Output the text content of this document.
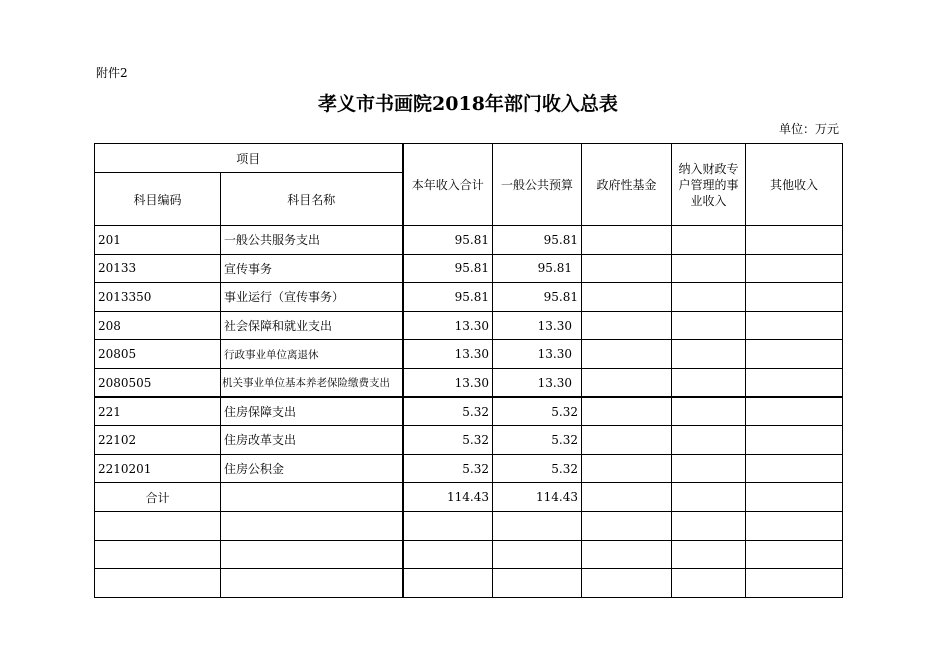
附件2
孝义市书画院2018年部门收入总表
单位：万元
项目		本年收入合计	一般公共预算	政府性基金	纳入财政专户管理的事业收入	其他收入
科目编码	科目名称					
201	一般公共服务支出	95.81	95.81			
20133	宣传事务	95.81	95.81			
2013350	事业运行（宣传事务）	95.81	95.81			
208	社会保障和就业支出	13.30	13.30			
20805	行政事业单位离退休	13.30	13.30			
2080505	机关事业单位基本养老保险缴费支出	13.30	13.30			
221	住房保障支出	5.32	5.32			
22102	住房改革支出	5.32	5.32			
2210201	住房公积金	5.32	5.32			
合计		114.43	114.43			
